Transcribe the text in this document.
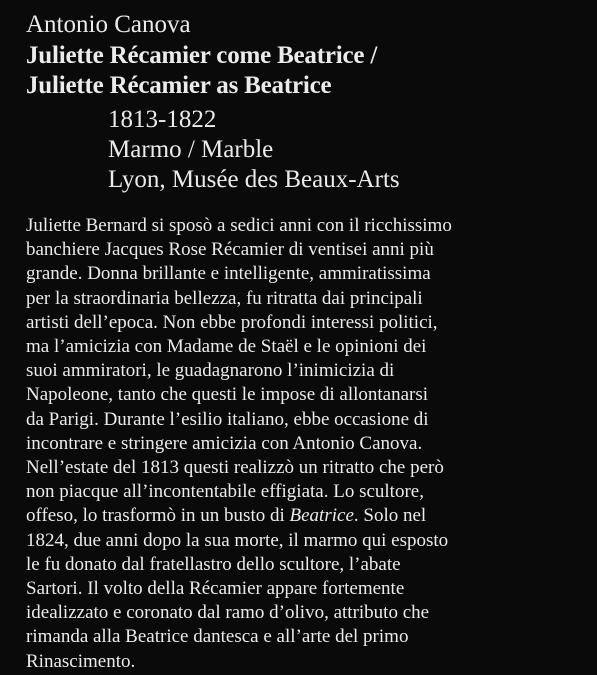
Antonio Canova
Juliette Récamier come Beatrice /
Juliette Récamier as Beatrice
1813-1822
Marmo / Marble
Lyon, Musée des Beaux-Arts
Juliette Bernard si sposò a sedici anni con il ricchissimo
banchiere Jacques Rose Récamier di ventisei anni più
grande. Donna brillante e intelligente, ammiratissima
per la straordinaria bellezza, fu ritratta dai principali
artisti dell’epoca. Non ebbe profondi interessi politici,
ma l’amicizia con Madame de Staël e le opinioni dei
suoi ammiratori, le guadagnarono l’inimicizia di
Napoleone, tanto che questi le impose di allontanarsi
da Parigi. Durante l’esilio italiano, ebbe occasione di
incontrare e stringere amicizia con Antonio Canova.
Nell’estate del 1813 questi realizzò un ritratto che però
non piacque all’incontentabile effigiata. Lo scultore,
offeso, lo trasformò in un busto di Beatrice. Solo nel
1824, due anni dopo la sua morte, il marmo qui esposto
le fu donato dal fratellastro dello scultore, l’abate
Sartori. Il volto della Récamier appare fortemente
idealizzato e coronato dal ramo d’olivo, attributo che
rimanda alla Beatrice dantesca e all’arte del primo
Rinascimento.
